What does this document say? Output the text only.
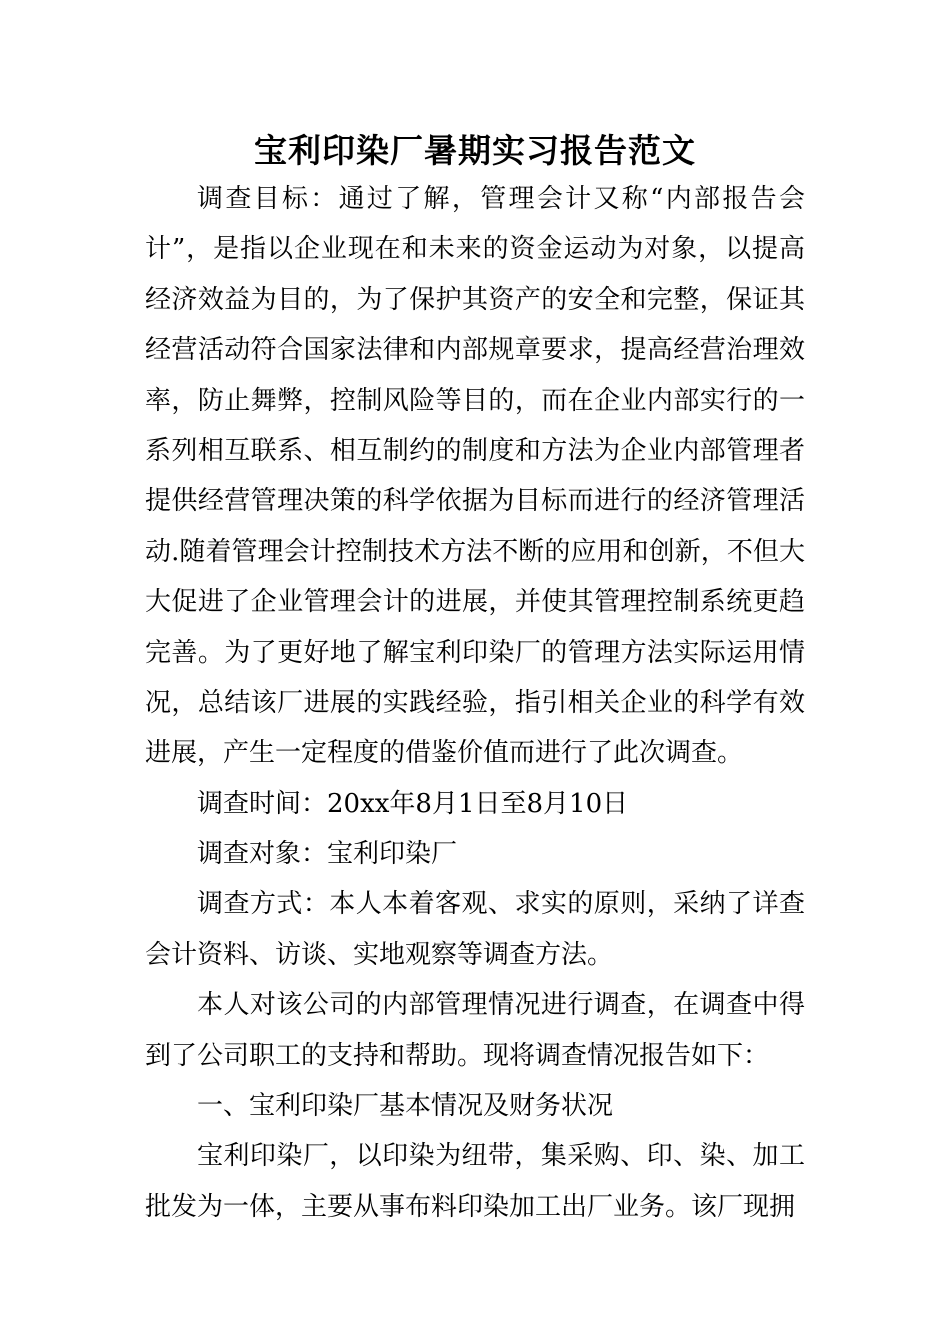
宝利印染厂暑期实习报告范文
调查目标：通过了解，管理会计又称“内部报告会
计”，是指以企业现在和未来的资金运动为对象，以提高
经济效益为目的，为了保护其资产的安全和完整，保证其
经营活动符合国家法律和内部规章要求，提高经营治理效
率，防止舞弊，控制风险等目的，而在企业内部实行的一
系列相互联系、相互制约的制度和方法为企业内部管理者
提供经营管理决策的科学依据为目标而进行的经济管理活
动.随着管理会计控制技术方法不断的应用和创新，不但大
大促进了企业管理会计的进展，并使其管理控制系统更趋
完善。为了更好地了解宝利印染厂的管理方法实际运用情
况，总结该厂进展的实践经验，指引相关企业的科学有效
进展，产生一定程度的借鉴价值而进行了此次调查。
调查时间：20xx年8月1日至8月10日
调查对象：宝利印染厂
调查方式：本人本着客观、求实的原则，采纳了详查
会计资料、访谈、实地观察等调查方法。
本人对该公司的内部管理情况进行调查，在调查中得
到了公司职工的支持和帮助。现将调查情况报告如下：
一、宝利印染厂基本情况及财务状况
宝利印染厂，以印染为纽带，集采购、印、染、加工
批发为一体，主要从事布料印染加工出厂业务。该厂现拥
